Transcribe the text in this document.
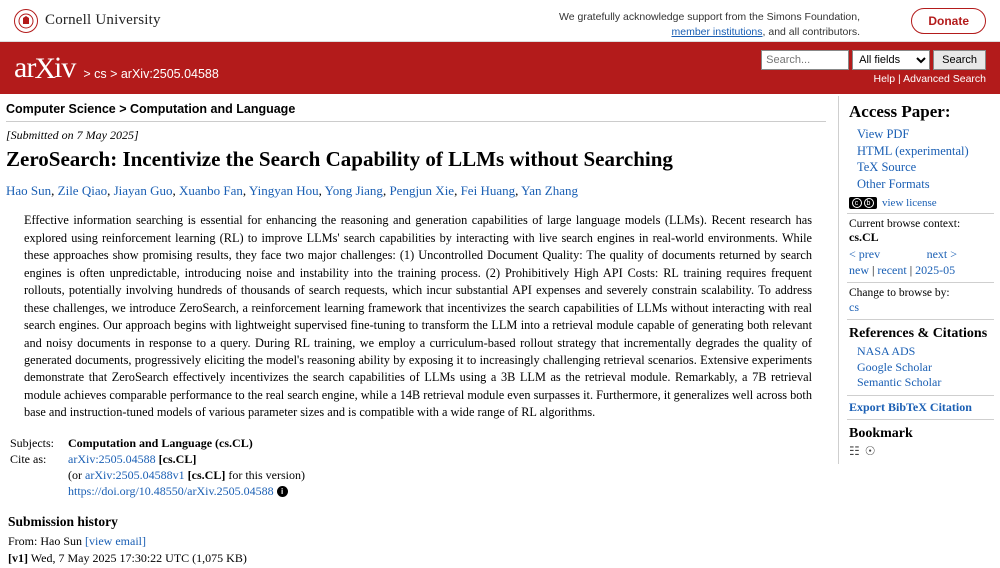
Cornell University	We gratefully acknowledge support from the Simons Foundation,
member institutions, and all contributors.
Donate
ar X iv > cs > arXiv:2505.04588
Search...
All fields
Search
Help | Advanced Search
Computer Science > Computation and Language
[Submitted on 7 May 2025]
ZeroSearch: Incentivize the Search Capability of LLMs without Searching
Hao Sun, Zile Qiao, Jiayan Guo, Xuanbo Fan, Yingyan Hou, Yong Jiang, Pengjun Xie, Fei Huang, Yan Zhang
Effective information searching is essential for enhancing the reasoning and generation capabilities of large language models (LLMs). Recent research has explored using reinforcement learning (RL) to improve LLMs' search capabilities by interacting with live search engines in real-world environments. While these approaches show promising results, they face two major challenges: (1) Uncontrolled Document Quality: The quality of documents returned by search engines is often unpredictable, introducing noise and instability into the training process. (2) Prohibitively High API Costs: RL training requires frequent rollouts, potentially involving hundreds of thousands of search requests, which incur substantial API expenses and severely constrain scalability. To address these challenges, we introduce ZeroSearch, a reinforcement learning framework that incentivizes the search capabilities of LLMs without interacting with real search engines. Our approach begins with lightweight supervised fine-tuning to transform the LLM into a retrieval module capable of generating both relevant and noisy documents in response to a query. During RL training, we employ a curriculum-based rollout strategy that incrementally degrades the quality of generated documents, progressively eliciting the model's reasoning ability by exposing it to increasingly challenging retrieval scenarios. Extensive experiments demonstrate that ZeroSearch effectively incentivizes the search capabilities of LLMs using a 3B LLM as the retrieval module. Remarkably, a 7B retrieval module achieves comparable performance to the real search engine, while a 14B retrieval module even surpasses it. Furthermore, it generalizes well across both base and instruction-tuned models of various parameter sizes and is compatible with a wide range of RL algorithms.
Subjects:	Computation and Language (cs.CL)
Cite as:	arXiv:2505.04588 [cs.CL]
	(or arXiv:2505.04588v1 [cs.CL] for this version)
	https://doi.org/10.48550/arXiv.2505.04588 i
Submission history
From: Hao Sun [view email]
[v1] Wed, 7 May 2025 17:30:22 UTC (1,075 KB)
Access Paper:
View PDF
HTML (experimental)
TeX Source
Other Formats
c	b view license
Current browse context:
cs.CL
< prev	next >
new | recent | 2025-05
Change to browse by:
cs
References & Citations
NASA ADS
Google Scholar
Semantic Scholar
Export BibTeX Citation
Bookmark
☷ ☉
